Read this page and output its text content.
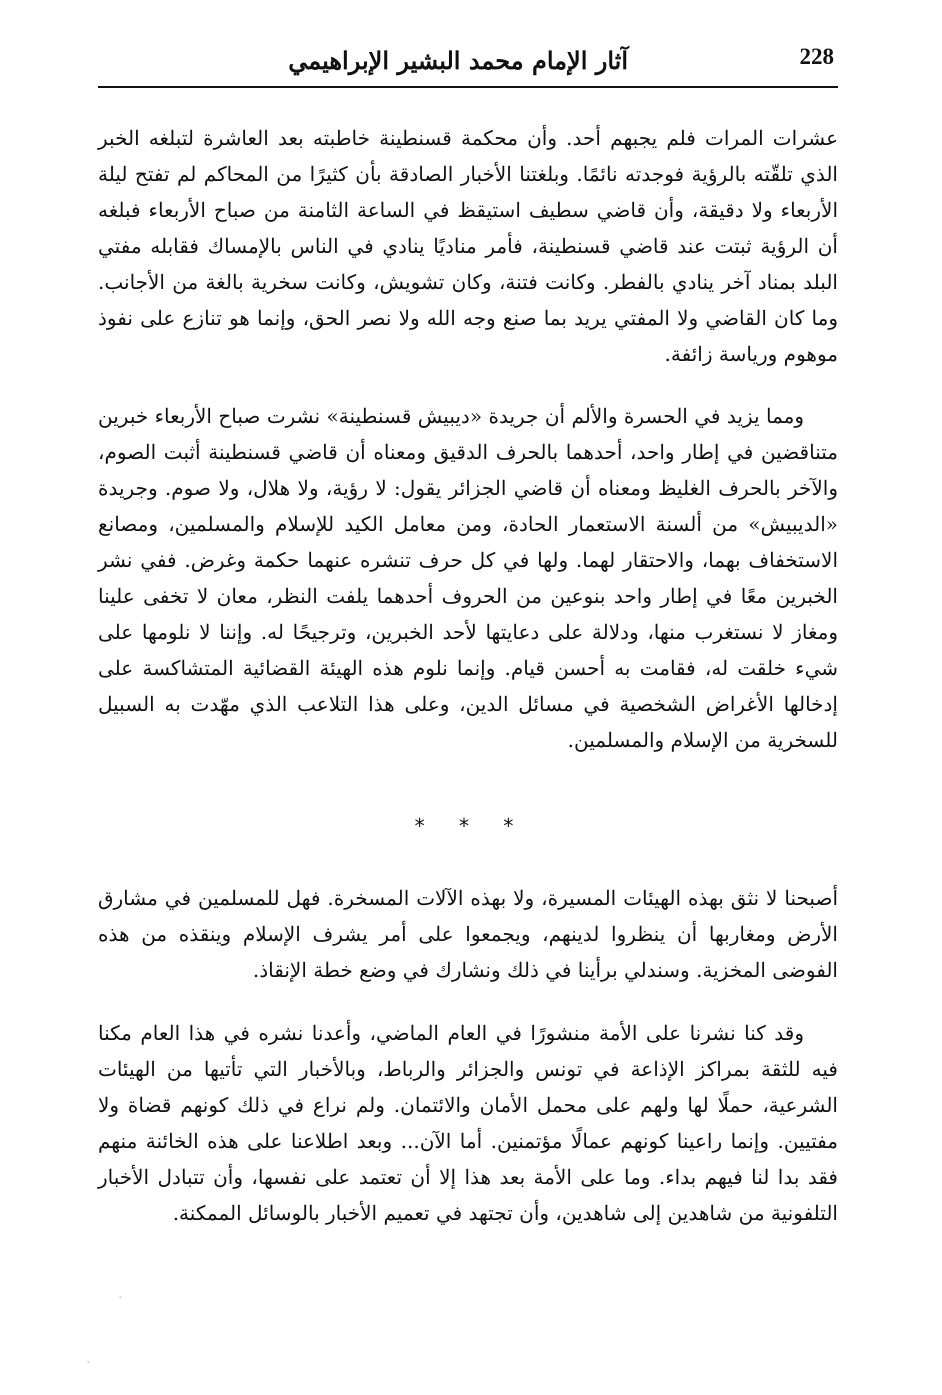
آثار الإمام محمد البشير الإبراهيمي	228

عشرات المرات فلم يجبهم أحد. وأن محكمة قسنطينة خاطبته بعد العاشرة لتبلغه الخبر الذي تلقّته بالرؤية فوجدته نائمًا. وبلغتنا الأخبار الصادقة بأن كثيرًا من المحاكم لم تفتح ليلة الأربعاء ولا دقيقة، وأن قاضي سطيف استيقظ في الساعة الثامنة من صباح الأربعاء فبلغه أن الرؤية ثبتت عند قاضي قسنطينة، فأمر مناديًا ينادي في الناس بالإمساك فقابله مفتي البلد بمناد آخر ينادي بالفطر. وكانت فتنة، وكان تشويش، وكانت سخرية بالغة من الأجانب. وما كان القاضي ولا المفتي يريد بما صنع وجه الله ولا نصر الحق، وإنما هو تنازع على نفوذ موهوم ورياسة زائفة.

ومما يزيد في الحسرة والألم أن جريدة «ديبيش قسنطينة» نشرت صباح الأربعاء خبرين متناقضين في إطار واحد، أحدهما بالحرف الدقيق ومعناه أن قاضي قسنطينة أثبت الصوم، والآخر بالحرف الغليظ ومعناه أن قاضي الجزائر يقول: لا رؤية، ولا هلال، ولا صوم. وجريدة «الديبيش» من ألسنة الاستعمار الحادة، ومن معامل الكيد للإسلام والمسلمين، ومصانع الاستخفاف بهما، والاحتقار لهما. ولها في كل حرف تنشره عنهما حكمة وغرض. ففي نشر الخبرين معًا في إطار واحد بنوعين من الحروف أحدهما يلفت النظر، معان لا تخفى علينا ومغاز لا نستغرب منها، ودلالة على دعايتها لأحد الخبرين، وترجيحًا له. وإننا لا نلومها على شيء خلقت له، فقامت به أحسن قيام. وإنما نلوم هذه الهيئة القضائية المتشاكسة على إدخالها الأغراض الشخصية في مسائل الدين، وعلى هذا التلاعب الذي مهّدت به السبيل للسخرية من الإسلام والمسلمين.

* * *

أصبحنا لا نثق بهذه الهيئات المسيرة، ولا بهذه الآلات المسخرة. فهل للمسلمين في مشارق الأرض ومغاربها أن ينظروا لدينهم، ويجمعوا على أمر يشرف الإسلام وينقذه من هذه الفوضى المخزية. وسندلي برأينا في ذلك ونشارك في وضع خطة الإنقاذ.

وقد كنا نشرنا على الأمة منشورًا في العام الماضي، وأعدنا نشره في هذا العام مكنا فيه للثقة بمراكز الإذاعة في تونس والجزائر والرباط، وبالأخبار التي تأتيها من الهيئات الشرعية، حملًا لها ولهم على محمل الأمان والائتمان. ولم نراع في ذلك كونهم قضاة ولا مفتيين. وإنما راعينا كونهم عمالًا مؤتمنين. أما الآن... وبعد اطلاعنا على هذه الخائنة منهم فقد بدا لنا فيهم بداء. وما على الأمة بعد هذا إلا أن تعتمد على نفسها، وأن تتبادل الأخبار التلفونية من شاهدين إلى شاهدين، وأن تجتهد في تعميم الأخبار بالوسائل الممكنة.

·
·
